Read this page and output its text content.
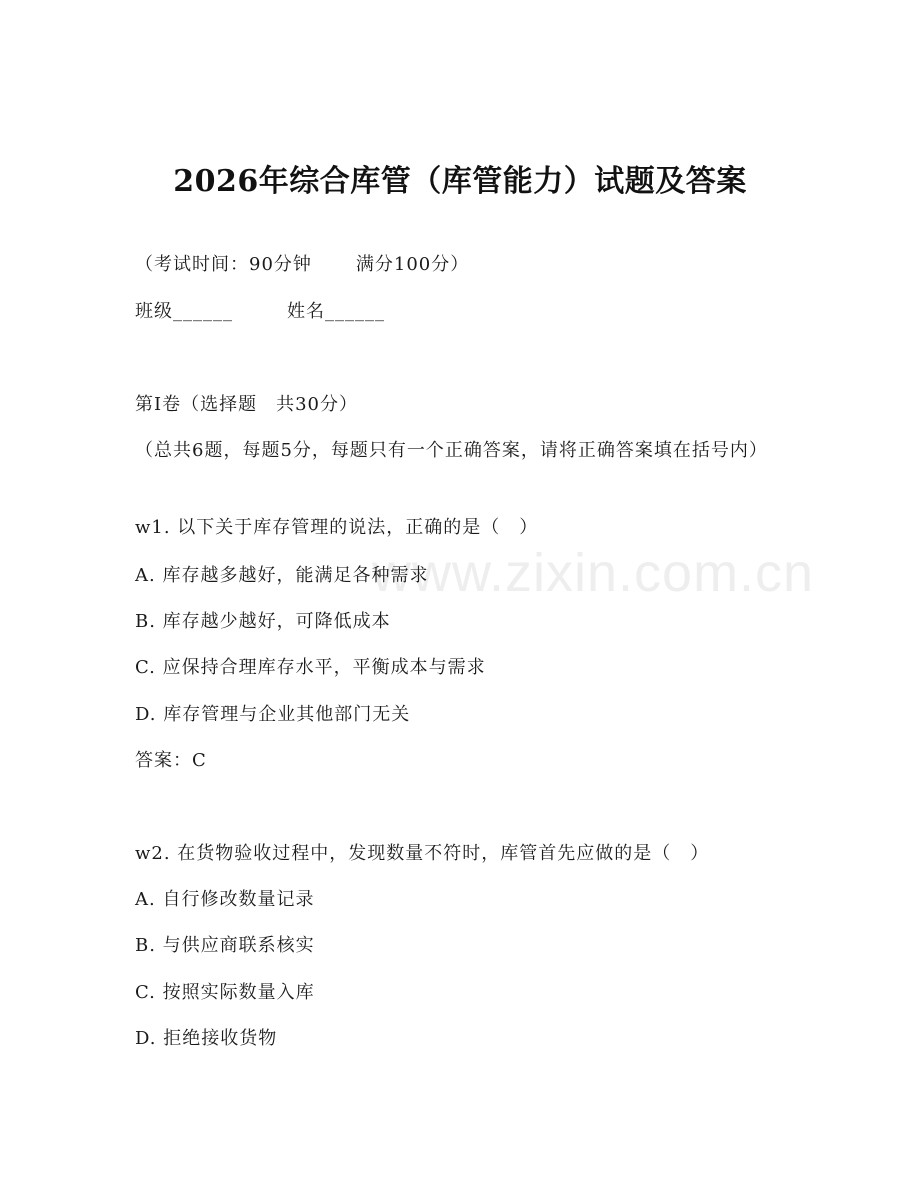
www.zixin.com.cn
2026年综合库管（库管能力）试题及答案
（考试时间：90分钟 满分100分）
班级______	姓名______
第Ⅰ卷（选择题　共30分）
（总共6题，每题5分，每题只有一个正确答案，请将正确答案填在括号内）
w1. 以下关于库存管理的说法，正确的是（　）
A. 库存越多越好，能满足各种需求
B. 库存越少越好，可降低成本
C. 应保持合理库存水平，平衡成本与需求
D. 库存管理与企业其他部门无关
答案：C
w2. 在货物验收过程中，发现数量不符时，库管首先应做的是（　）
A. 自行修改数量记录
B. 与供应商联系核实
C. 按照实际数量入库
D. 拒绝接收货物
